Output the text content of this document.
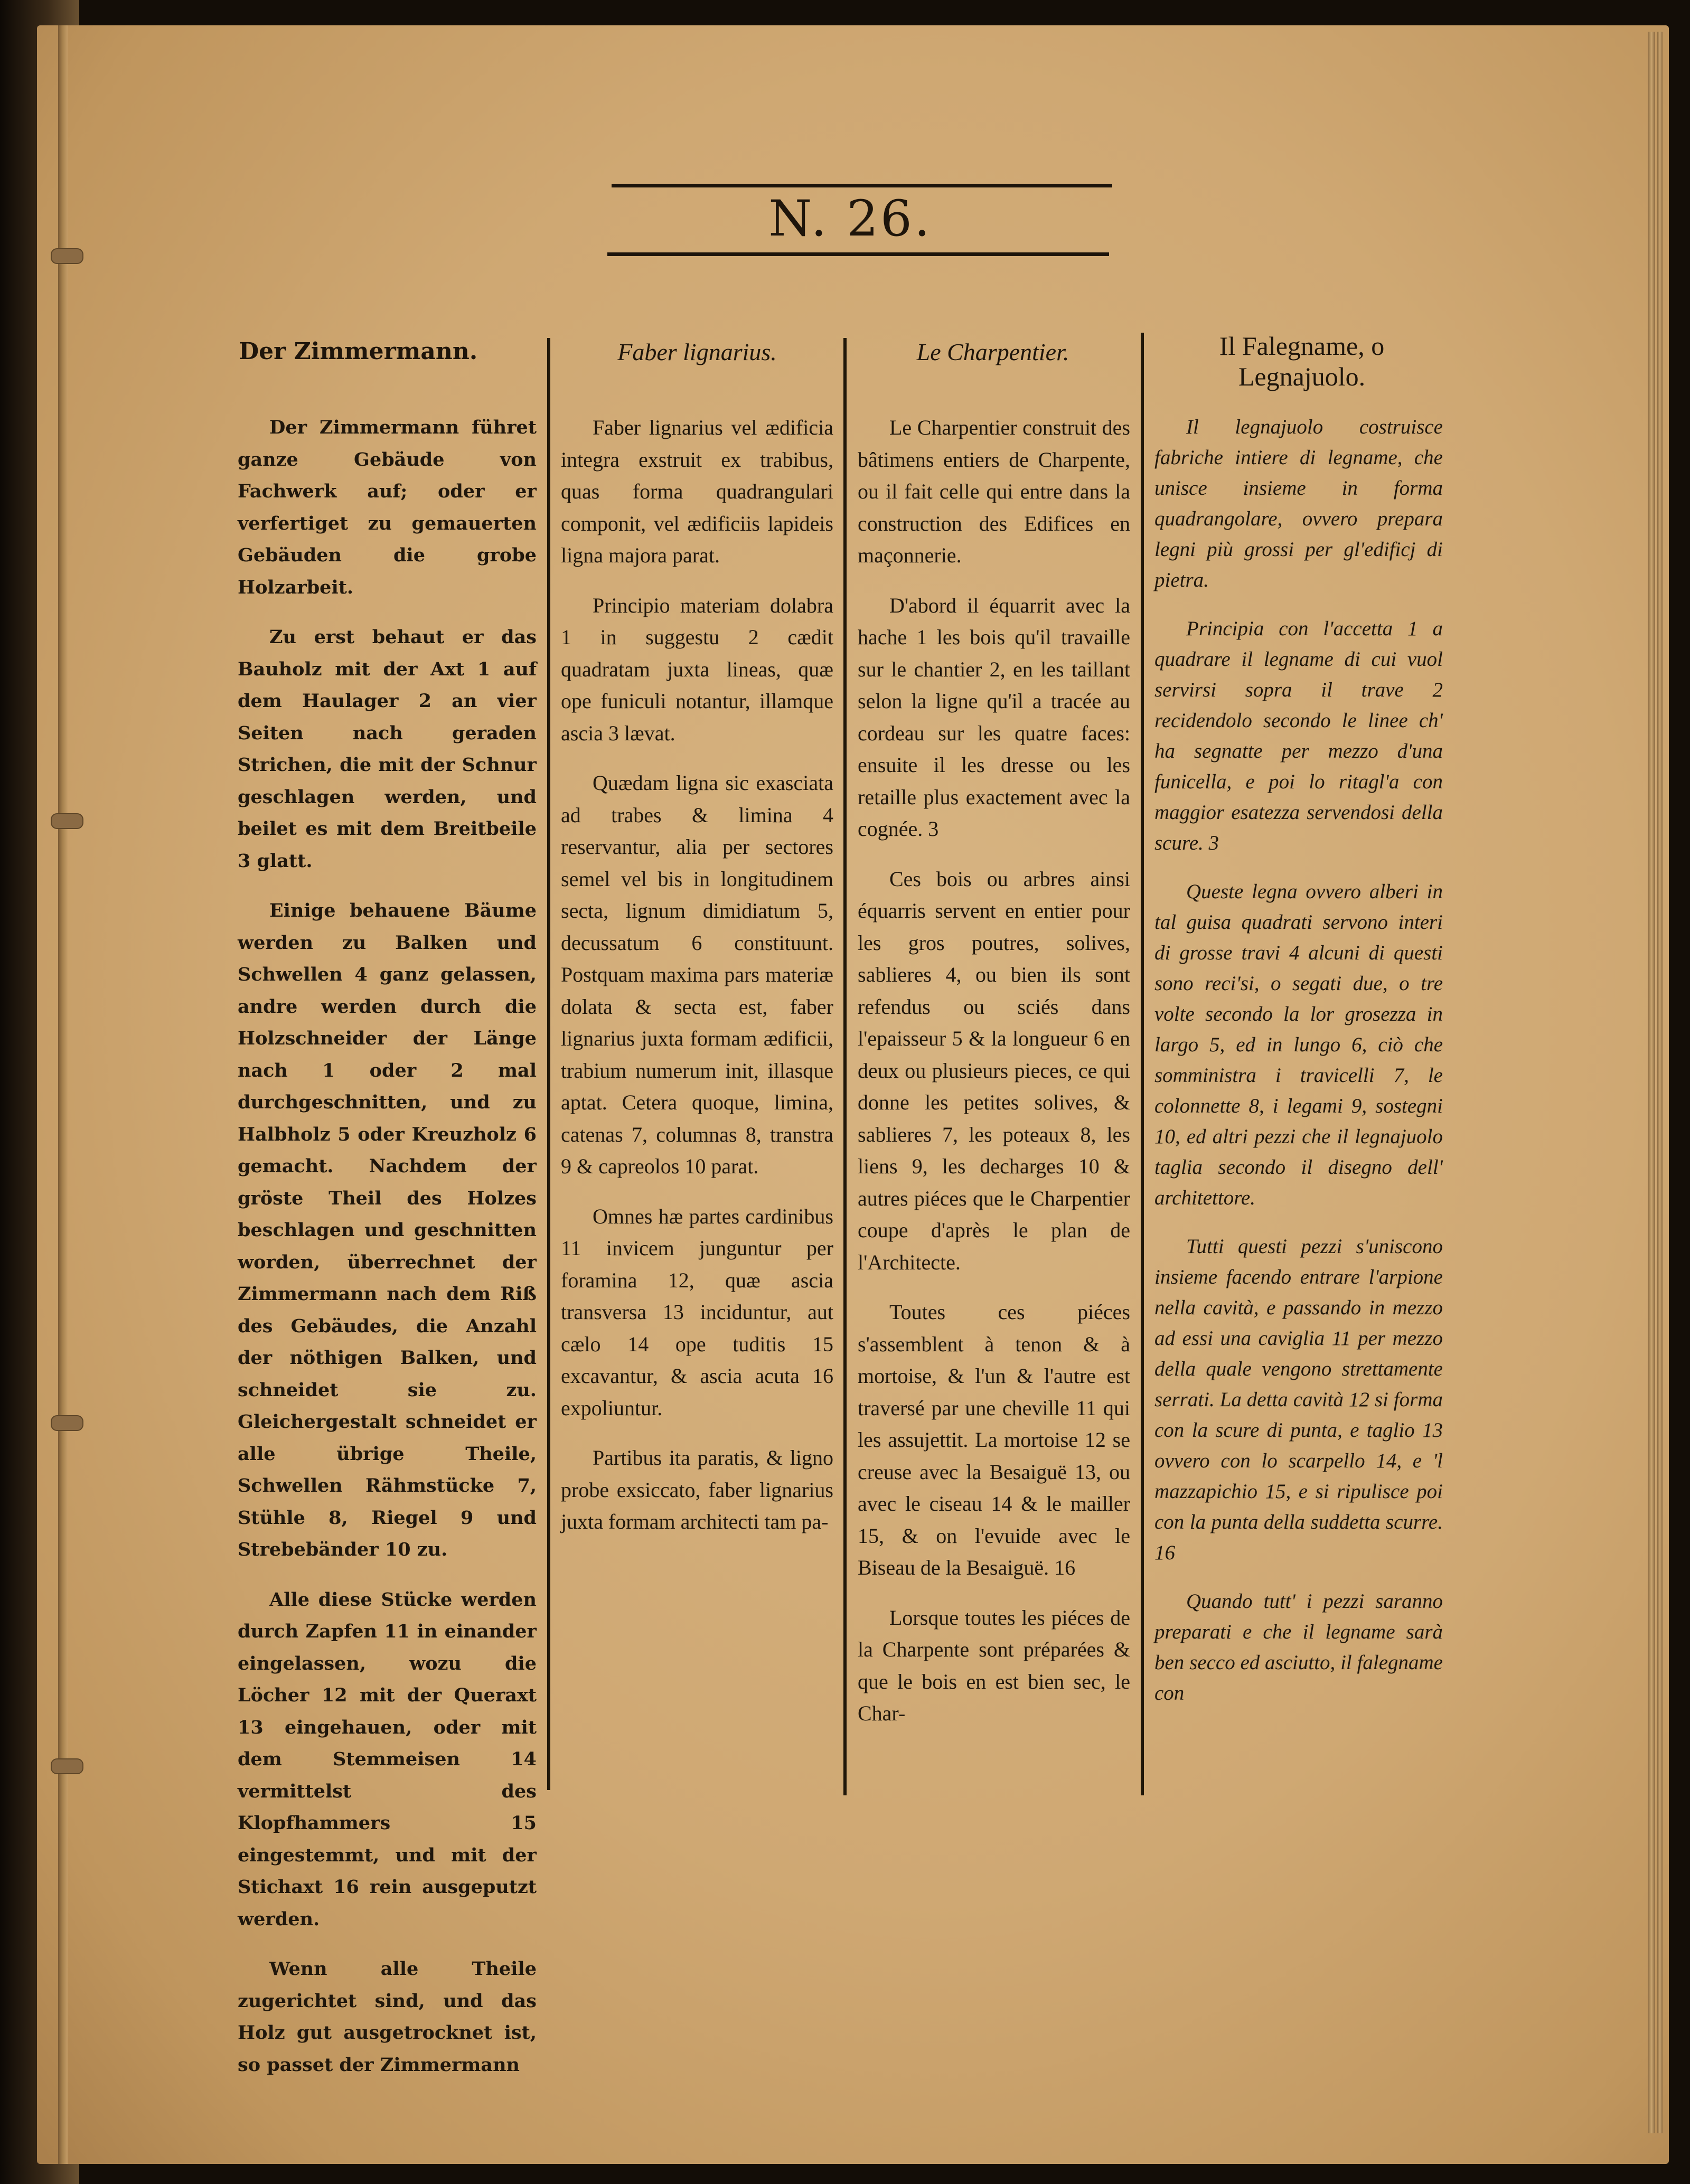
N. 26.
Der Zimmermann.	Faber lignarius.	Le Charpentier.	Il Falegname, o Legnajuolo.

Der Zimmermann führet ganze Gebäude von Fachwerk auf; oder er verfertiget zu gemauerten Gebäuden die grobe Holzarbeit.

Zu erst behaut er das Bauholz mit der Axt 1 auf dem Haulager 2 an vier Seiten nach geraden Strichen, die mit der Schnur geschlagen werden, und beilet es mit dem Breitbeile 3 glatt.

Einige behauene Bäume werden zu Balken und Schwellen 4 ganz gelassen, andre werden durch die Holzschneider der Länge nach 1 oder 2 mal durchgeschnitten, und zu Halbholz 5 oder Kreuzholz 6 gemacht. Nachdem der gröste Theil des Holzes beschlagen und geschnitten worden, überrechnet der Zimmermann nach dem Riß des Gebäudes, die Anzahl der nöthigen Balken, und schneidet sie zu. Gleichergestalt schneidet er alle übrige Theile, Schwellen Rähmstücke 7, Stühle 8, Riegel 9 und Strebebänder 10 zu.

Alle diese Stücke werden durch Zapfen 11 in einander eingelassen, wozu die Löcher 12 mit der Queraxt 13 eingehauen, oder mit dem Stemmeisen 14 vermittelst des Klopfhammers 15 eingestemmt, und mit der Stichaxt 16 rein ausgeputzt werden.

Wenn alle Theile zugerichtet sind, und das Holz gut ausgetrocknet ist, so passet der Zimmermann

Faber lignarius vel ædificia integra exstruit ex trabibus, quas forma quadrangulari componit, vel ædificiis lapideis ligna majora parat.

Principio materiam dolabra 1 in suggestu 2 cædit quadratam juxta lineas, quæ ope funiculi notantur, illamque ascia 3 lævat.

Quædam ligna sic exasciata ad trabes & limina 4 reservantur, alia per sectores semel vel bis in longitudinem secta, lignum dimidiatum 5, decussatum 6 constituunt. Postquam maxima pars materiæ dolata & secta est, faber lignarius juxta formam ædificii, trabium numerum init, illasque aptat. Cetera quoque, limina, catenas 7, columnas 8, transtra 9 & capreolos 10 parat.

Omnes hæ partes cardinibus 11 invicem junguntur per foramina 12, quæ ascia transversa 13 inciduntur, aut cælo 14 ope tuditis 15 excavantur, & ascia acuta 16 expoliuntur.

Partibus ita paratis, & ligno probe exsiccato, faber lignarius juxta formam architecti tam pa-

Le Charpentier construit des bâtimens entiers de Charpente, ou il fait celle qui entre dans la construction des Edifices en maçonnerie.

D'abord il équarrit avec la hache 1 les bois qu'il travaille sur le chantier 2, en les taillant selon la ligne qu'il a tracée au cordeau sur les quatre faces: ensuite il les dresse ou les retaille plus exactement avec la cognée. 3

Ces bois ou arbres ainsi équarris servent en entier pour les gros poutres, solives, sablieres 4, ou bien ils sont refendus ou sciés dans l'epaisseur 5 & la longueur 6 en deux ou plusieurs pieces, ce qui donne les petites solives, & sablieres 7, les poteaux 8, les liens 9, les decharges 10 & autres piéces que le Charpentier coupe d'après le plan de l'Architecte.

Toutes ces piéces s'assemblent à tenon & à mortoise, & l'un & l'autre est traversé par une cheville 11 qui les assujettit. La mortoise 12 se creuse avec la Besaiguë 13, ou avec le ciseau 14 & le mailler 15, & on l'evuide avec le Biseau de la Besaiguë. 16

Lorsque toutes les piéces de la Charpente sont préparées & que le bois en est bien sec, le Char-

Il legnajuolo costruisce fabriche intiere di legname, che unisce insieme in forma quadrangolare, ovvero prepara legni più grossi per gl'edificj di pietra.

Principia con l'accetta 1 a quadrare il legname di cui vuol servirsi sopra il trave 2 recidendolo secondo le linee ch' ha segnatte per mezzo d'una funicella, e poi lo ritagl'a con maggior esatezza servendosi della scure. 3

Queste legna ovvero alberi in tal guisa quadrati servono interi di grosse travi 4 alcuni di questi sono reci'si, o segati due, o tre volte secondo la lor grosezza in largo 5, ed in lungo 6, ciò che somministra i travicelli 7, le colonnette 8, i legami 9, sostegni 10, ed altri pezzi che il legnajuolo taglia secondo il disegno dell' architettore.

Tutti questi pezzi s'uniscono insieme facendo entrare l'arpione nella cavità, e passando in mezzo ad essi una caviglia 11 per mezzo della quale vengono strettamente serrati. La detta cavità 12 si forma con la scure di punta, e taglio 13 ovvero con lo scarpello 14, e 'l mazzapichio 15, e si ripulisce poi con la punta della suddetta scurre. 16

Quando tutt' i pezzi saranno preparati e che il legname sarà ben secco ed asciutto, il falegname con
